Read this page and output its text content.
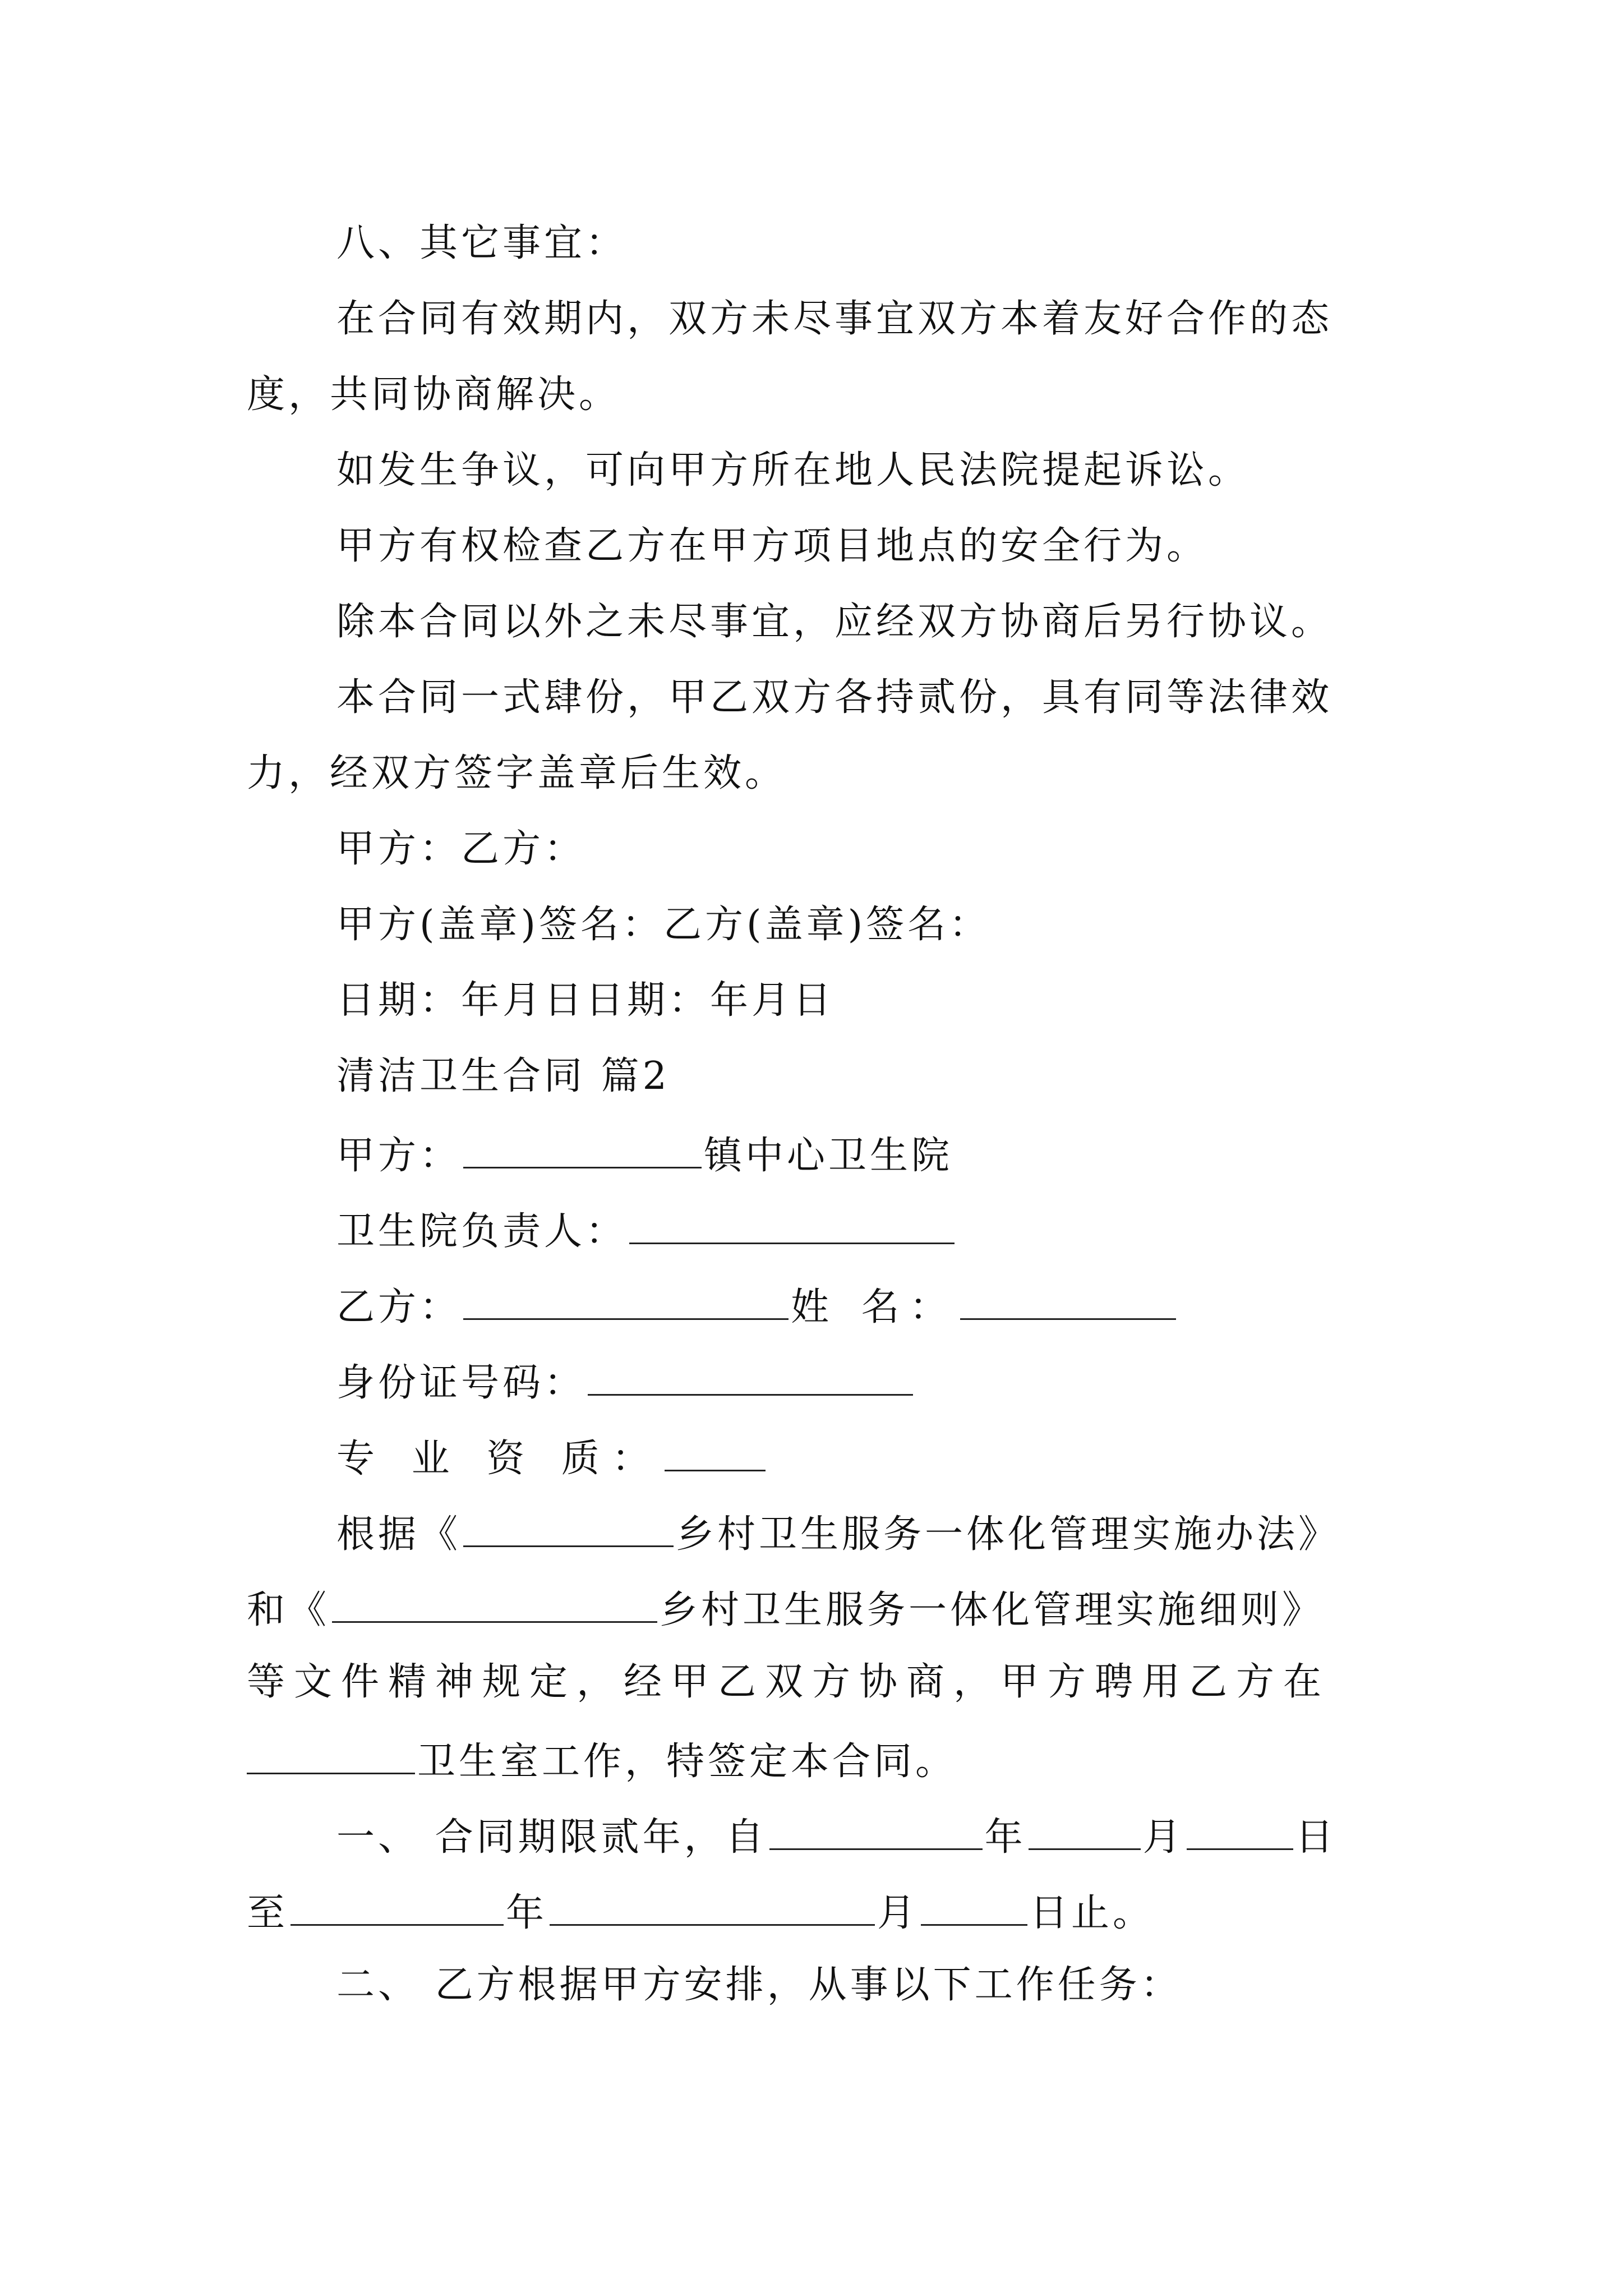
八、其它事宜：
在合同有效期内，双方未尽事宜双方本着友好合作的态
度，共同协商解决。
如发生争议，可向甲方所在地人民法院提起诉讼。
甲方有权检查乙方在甲方项目地点的安全行为。
除本合同以外之未尽事宜，应经双方协商后另行协议。
本合同一式肆份，甲乙双方各持贰份，具有同等法律效
力，经双方签字盖章后生效。
甲方：乙方：
甲方(盖章)签名：乙方(盖章)签名：
日期：年月日日期：年月日
清洁卫生合同 篇2
甲方：	镇中心卫生院
卫生院负责人：
乙方：	姓 名：
身份证号码：
专 业 资 质：
根据《	乡村卫生服务一体化管理实施办法》
和《	乡村卫生服务一体化管理实施细则》
等文件精神规定，经甲乙双方协商，甲方聘用乙方在
卫生室工作，特签定本合同。
一、 合同期限贰年，自	年	月	日
至	年	月	日止。
二、 乙方根据甲方安排，从事以下工作任务：
